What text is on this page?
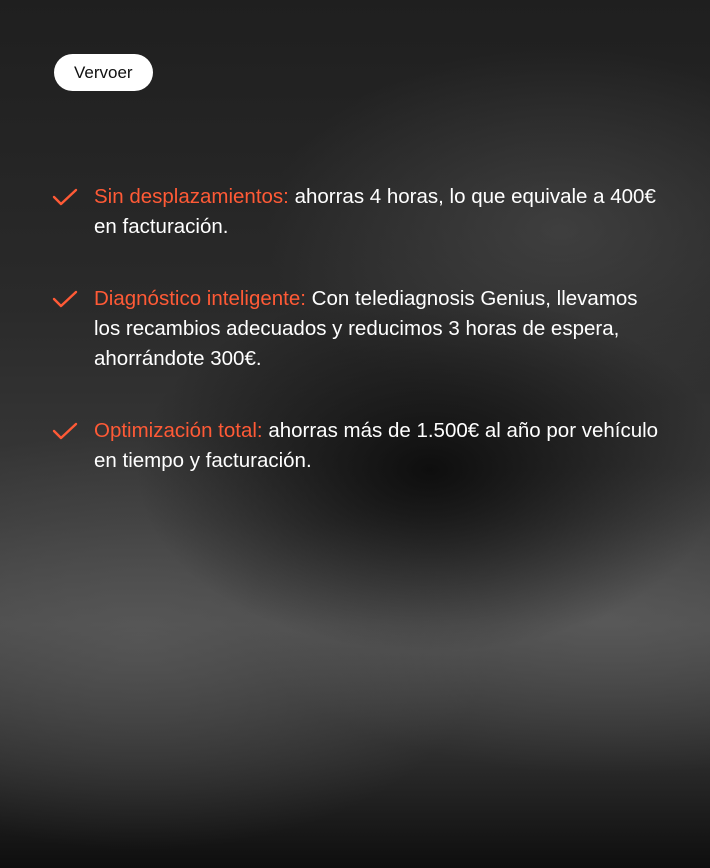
Vervoer
Sin desplazamientos: ahorras 4 horas, lo que equivale a 400€ en facturación.
Diagnóstico inteligente: Con telediagnosis Genius, llevamos los recambios adecuados y reducimos 3 horas de espera, ahorrándote 300€.
Optimización total: ahorras más de 1.500€ al año por vehículo en tiempo y facturación.
